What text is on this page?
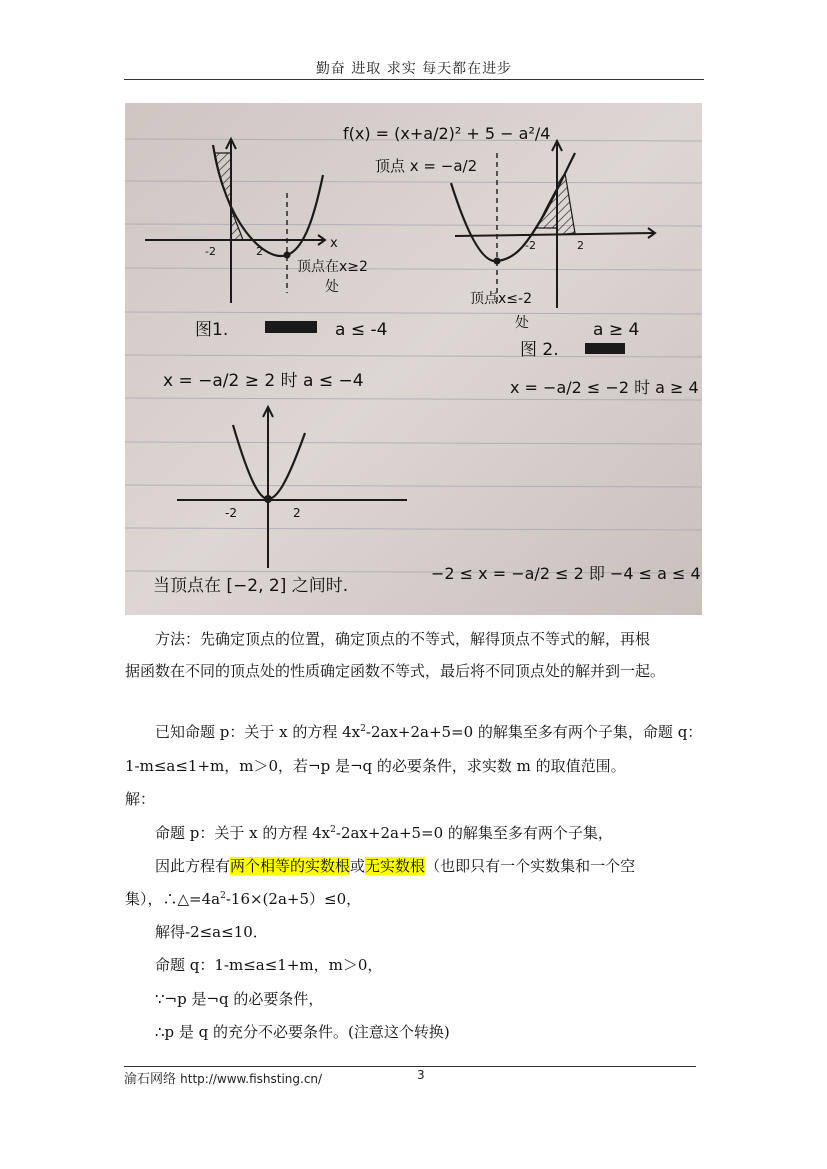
勤奋 进取 求实 每天都在进步
-2	2
x
顶点在x≥2
处
图1.	a ≤ -4
x = −a/2 ≥ 2 时 a ≤ −4
f(x) = (x+a/2)² + 5 − a²/4
顶点 x = −a/2
-2	2
顶点x≤-2
处	a ≥ 4
图 2.
x = −a/2 ≤ −2 时 a ≥ 4
-2	2
当顶点在 [−2, 2] 之间时.
−2 ≤ x = −a/2 ≤ 2 即 −4 ≤ a ≤ 4
方法：先确定顶点的位置，确定顶点的不等式，解得顶点不等式的解，再根
据函数在不同的顶点处的性质确定函数不等式，最后将不同顶点处的解并到一起。
已知命题 p：关于 x 的方程 $4x^2-2ax+2a+5=0$ 的解集至多有两个子集，命题 q：
1-m≤a≤1+m，m＞0，若¬p 是¬q 的必要条件，求实数 m 的取值范围。
解：
命题 p：关于 x 的方程 $4x^2-2ax+2a+5=0$ 的解集至多有两个子集，
因此方程有两个相等的实数根或无实数根（也即只有一个实数集和一个空
集），$\therefore\triangle=4a^2-16\times(2a+5)\le 0$，
解得-2≤a≤10．
命题 q：1-m≤a≤1+m，m＞0，
∵¬p 是¬q 的必要条件，
∴p 是 q 的充分不必要条件。(注意这个转换)
渝石网络 http://www.fishsting.cn/	3
